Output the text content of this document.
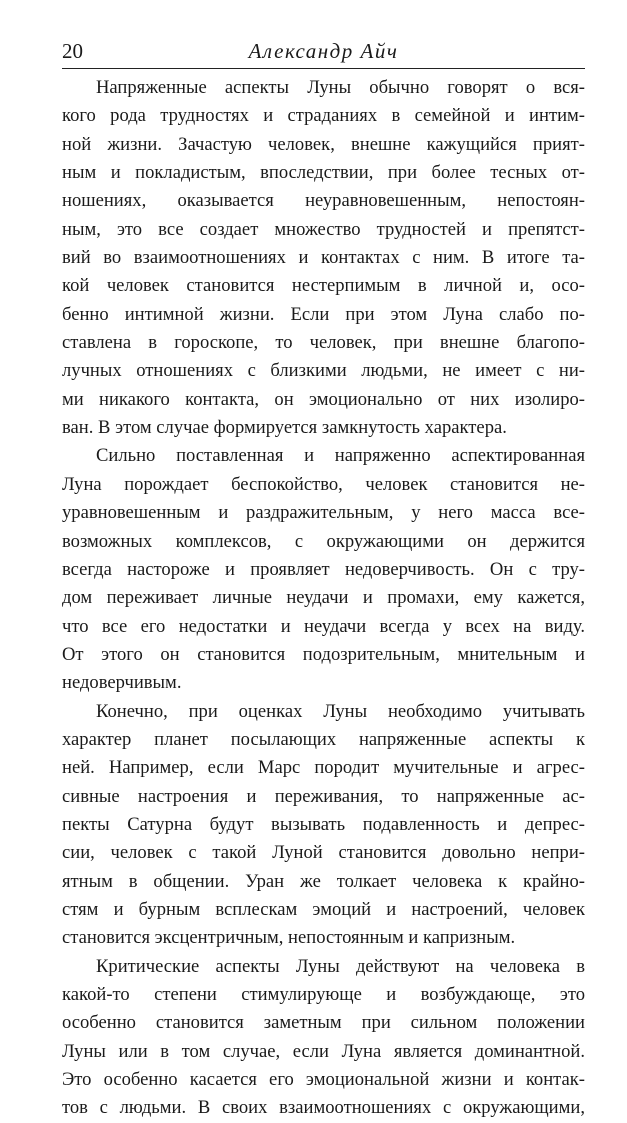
20	Александр Айч
Напряженные аспекты Луны обычно говорят о вся-
кого рода трудностях и страданиях в семейной и интим-
ной жизни. Зачастую человек, внешне кажущийся прият-
ным и покладистым, впоследствии, при более тесных от-
ношениях, оказывается неуравновешенным, непостоян-
ным, это все создает множество трудностей и препятст-
вий во взаимоотношениях и контактах с ним. В итоге та-
кой человек становится нестерпимым в личной и, осо-
бенно интимной жизни. Если при этом Луна слабо по-
ставлена в гороскопе, то человек, при внешне благопо-
лучных отношениях с близкими людьми, не имеет с ни-
ми никакого контакта, он эмоционально от них изолиро-
ван. В этом случае формируется замкнутость характера.
Сильно поставленная и напряженно аспектированная
Луна порождает беспокойство, человек становится не-
уравновешенным и раздражительным, у него масса все-
возможных комплексов, с окружающими он держится
всегда настороже и проявляет недоверчивость. Он с тру-
дом переживает личные неудачи и промахи, ему кажется,
что все его недостатки и неудачи всегда у всех на виду.
От этого он становится подозрительным, мнительным и
недоверчивым.
Конечно, при оценках Луны необходимо учитывать
характер планет посылающих напряженные аспекты к
ней. Например, если Марс породит мучительные и агрес-
сивные настроения и переживания, то напряженные ас-
пекты Сатурна будут вызывать подавленность и депрес-
сии, человек с такой Луной становится довольно непри-
ятным в общении. Уран же толкает человека к крайно-
стям и бурным всплескам эмоций и настроений, человек
становится эксцентричным, непостоянным и капризным.
Критические аспекты Луны действуют на человека в
какой-то степени стимулирующе и возбуждающе, это
особенно становится заметным при сильном положении
Луны или в том случае, если Луна является доминантной.
Это особенно касается его эмоциональной жизни и контак-
тов с людьми. В своих взаимоотношениях с окружающими,
